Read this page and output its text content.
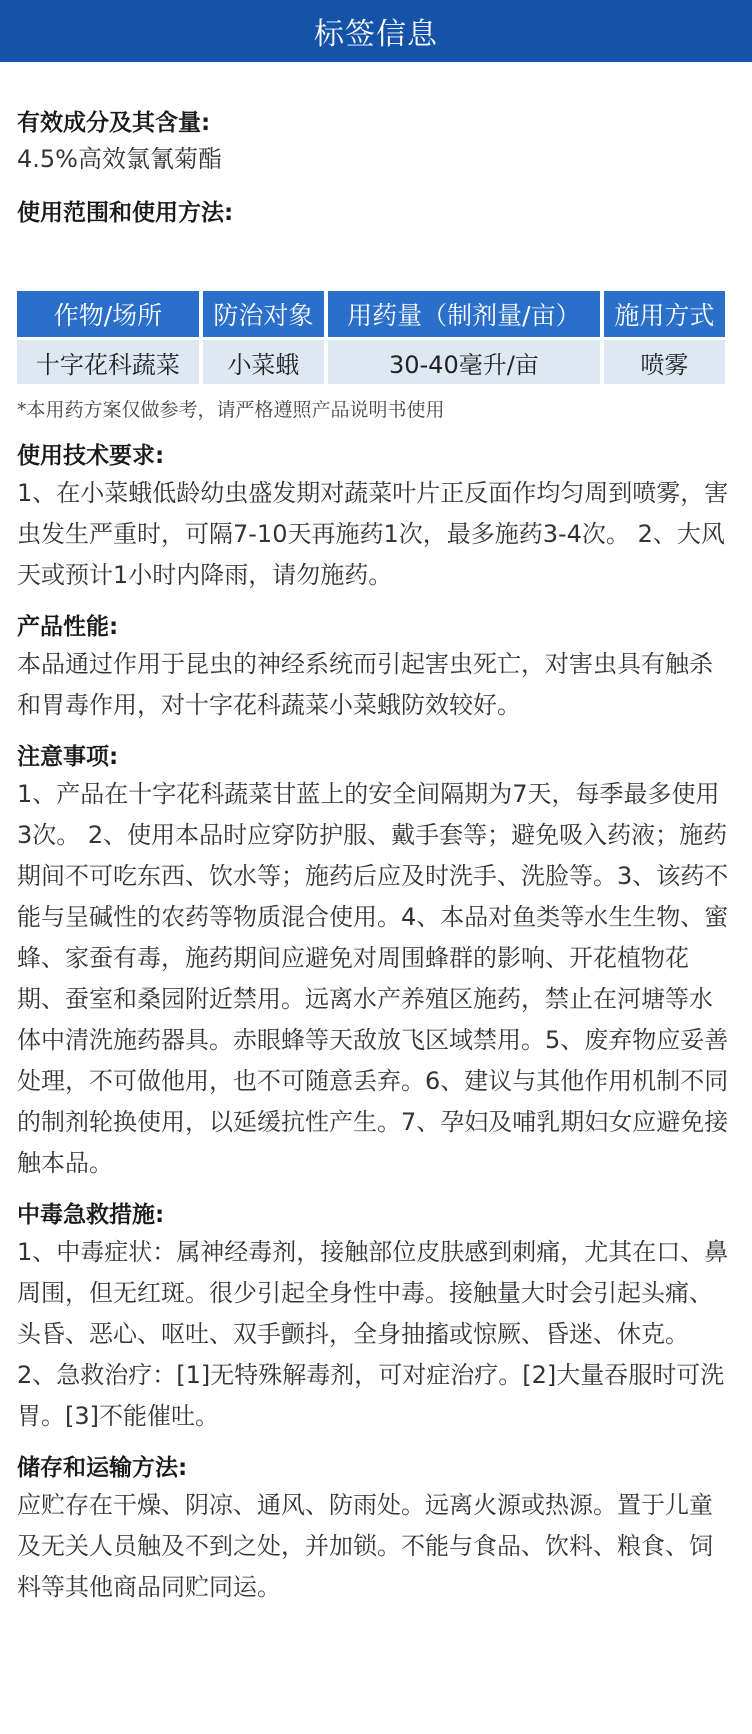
标签信息
有效成分及其含量:
4.5%高效氯氰菊酯
使用范围和使用方法:
作物/场所	防治对象	用药量（制剂量/亩）	施用方式
十字花科蔬菜	小菜蛾	30-40毫升/亩	喷雾
*本用药方案仅做参考，请严格遵照产品说明书使用
使用技术要求:
1、在小菜蛾低龄幼虫盛发期对蔬菜叶片正反面作均匀周到喷雾，害虫发生严重时，可隔7-10天再施药1次，最多施药3-4次。 2、大风天或预计1小时内降雨，请勿施药。
产品性能:
本品通过作用于昆虫的神经系统而引起害虫死亡，对害虫具有触杀和胃毒作用，对十字花科蔬菜小菜蛾防效较好。
注意事项:
1、产品在十字花科蔬菜甘蓝上的安全间隔期为7天，每季最多使用3次。 2、使用本品时应穿防护服、戴手套等；避免吸入药液；施药期间不可吃东西、饮水等；施药后应及时洗手、洗脸等。3、该药不能与呈碱性的农药等物质混合使用。4、本品对鱼类等水生生物、蜜蜂、家蚕有毒，施药期间应避免对周围蜂群的影响、开花植物花期、蚕室和桑园附近禁用。远离水产养殖区施药，禁止在河塘等水体中清洗施药器具。赤眼蜂等天敌放飞区域禁用。5、废弃物应妥善处理，不可做他用，也不可随意丢弃。6、建议与其他作用机制不同的制剂轮换使用，以延缓抗性产生。7、孕妇及哺乳期妇女应避免接触本品。
中毒急救措施:
1、中毒症状：属神经毒剂，接触部位皮肤感到刺痛，尤其在口、鼻周围，但无红斑。很少引起全身性中毒。接触量大时会引起头痛、头昏、恶心、呕吐、双手颤抖，全身抽搐或惊厥、昏迷、休克。 2、急救治疗：[1]无特殊解毒剂，可对症治疗。[2]大量吞服时可洗胃。[3]不能催吐。
储存和运输方法:
应贮存在干燥、阴凉、通风、防雨处。远离火源或热源。置于儿童及无关人员触及不到之处，并加锁。不能与食品、饮料、粮食、饲料等其他商品同贮同运。
